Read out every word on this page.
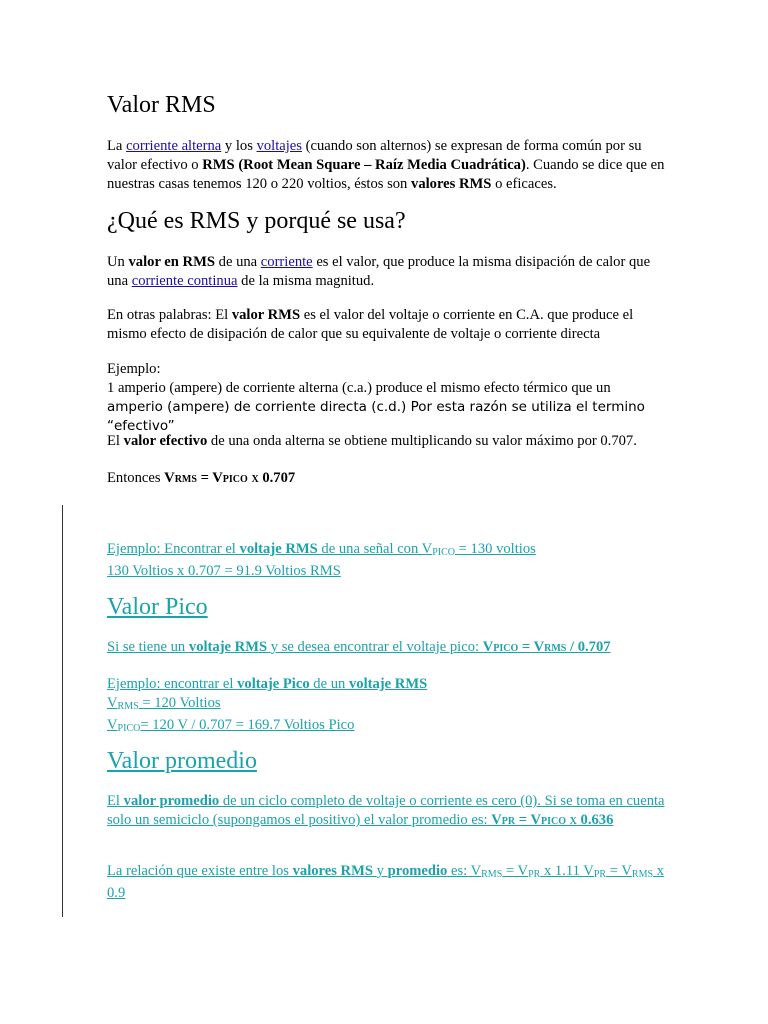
Valor RMS

La corriente alterna y los voltajes (cuando son alternos) se expresan de forma común por su valor efectivo o RMS (Root Mean Square – Raíz Media Cuadrática). Cuando se dice que en nuestras casas tenemos 120 o 220 voltios, éstos son valores RMS o eficaces.

¿Qué es RMS y porqué se usa?

Un valor en RMS de una corriente es el valor, que produce la misma disipación de calor que una corriente continua de la misma magnitud.

En otras palabras: El valor RMS es el valor del voltaje o corriente en C.A. que produce el mismo efecto de disipación de calor que su equivalente de voltaje o corriente directa

Ejemplo:
1 amperio (ampere) de corriente alterna (c.a.) produce el mismo efecto térmico que un
amperio (ampere) de corriente directa (c.d.) Por esta razón se utiliza el termino “efectivo”

El valor efectivo de una onda alterna se obtiene multiplicando su valor máximo por 0.707.

Entonces Vrms = Vpico x 0.707

Ejemplo: Encontrar el voltaje RMS de una señal con $V_{PICO} = 130$ voltios
130 Voltios x 0.707 = 91.9 Voltios RMS

Valor Pico

Si se tiene un voltaje RMS y se desea encontrar el voltaje pico: Vpico = Vrms / 0.707

Ejemplo: encontrar el voltaje Pico de un voltaje RMS
$V_{RMS} = 120$ Voltios
$V_{PICO}= 120$ V / 0.707 = 169.7 Voltios Pico

Valor promedio

El valor promedio de un ciclo completo de voltaje o corriente es cero (0). Si se toma en cuenta solo un semiciclo (supongamos el positivo) el valor promedio es: Vpr = Vpico x 0.636

La relación que existe entre los valores RMS y promedio es: $V_{RMS} = V_{PR}$ x 1.11 $V_{PR} = V_{RMS}$ x 0.9
